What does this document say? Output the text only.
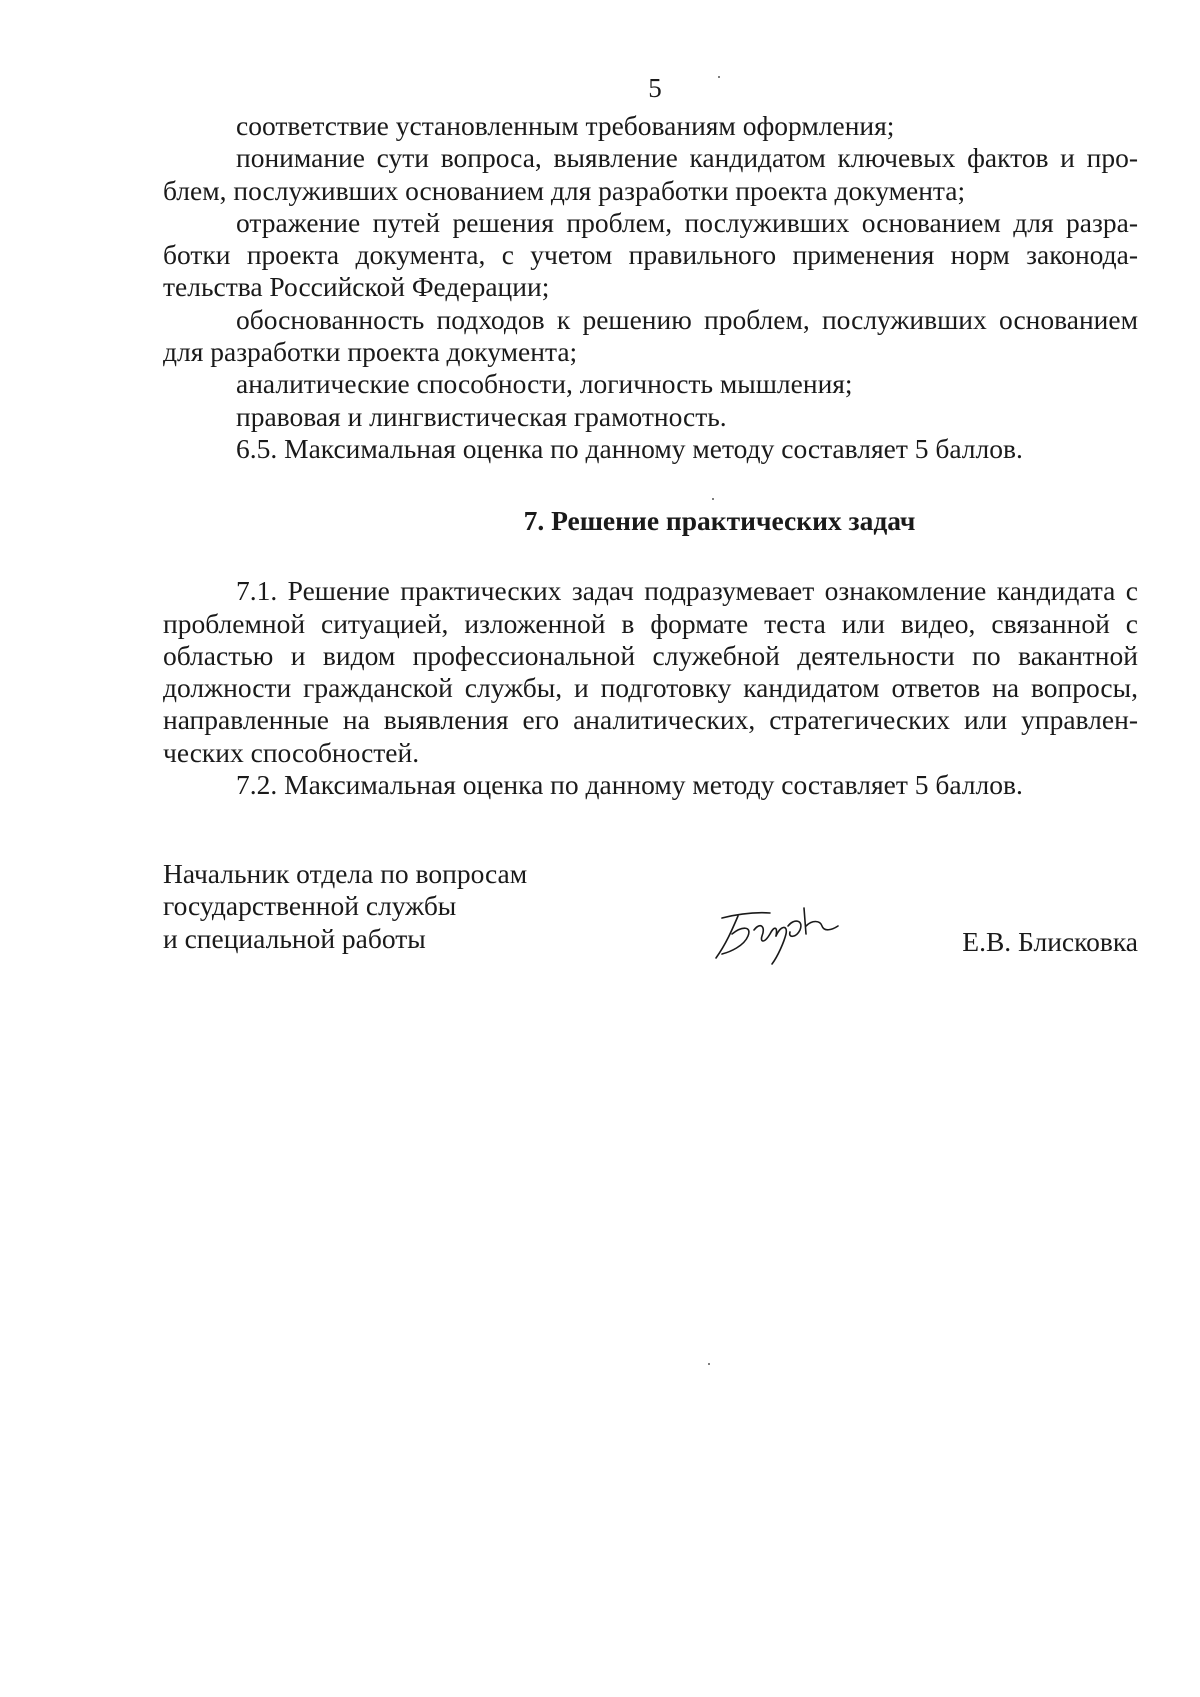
5

соответствие установленным требованиям оформления;

понимание сути вопроса, выявление кандидатом ключевых фактов и проблем, послуживших основанием для разработки проекта документа;

отражение путей решения проблем, послуживших основанием для разработки проекта документа, с учетом правильного применения норм законодательства Российской Федерации;

обоснованность подходов к решению проблем, послуживших основанием для разработки проекта документа;

аналитические способности, логичность мышления;

правовая и лингвистическая грамотность.

6.5. Максимальная оценка по данному методу составляет 5 баллов.

7. Решение практических задач

7.1. Решение практических задач подразумевает ознакомление кандидата с проблемной ситуацией, изложенной в формате теста или видео, связанной с областью и видом профессиональной служебной деятельности по вакантной должности гражданской службы, и подготовку кандидатом ответов на вопросы, направленные на выявления его аналитических, стратегических или управленческих способностей.

7.2. Максимальная оценка по данному методу составляет 5 баллов.

Начальник отдела по вопросам
государственной службы
и специальной работы	Е.В. Блисковка
